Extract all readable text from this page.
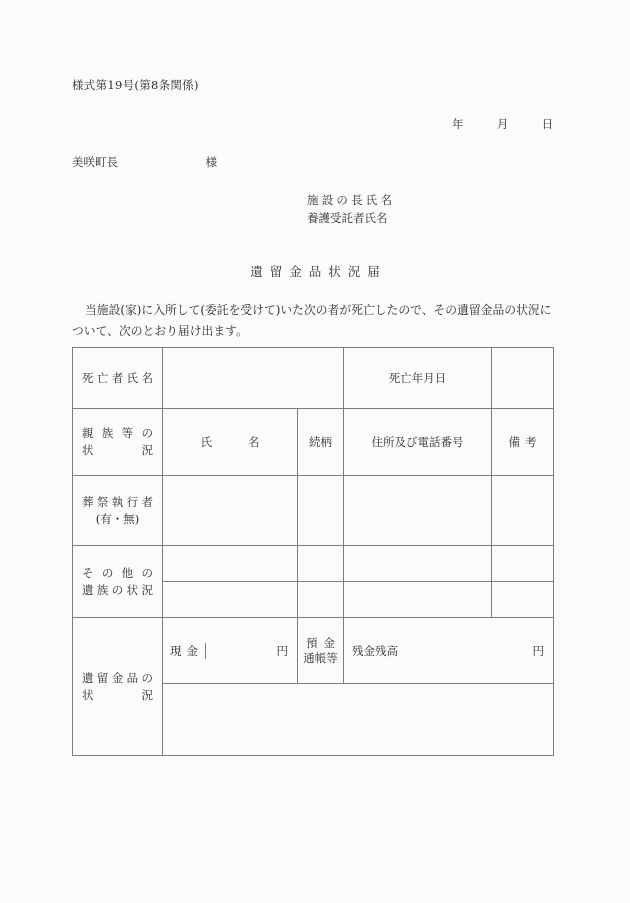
様式第19号(第8条関係)
年	月	日
美咲町長	様
施設の長氏名
養護受託者氏名
遺留金品状況届
当施設(家)に入所して(委託を受けて)いた次の者が死亡したので、その遺留金品の状況について、次のとおり届け出ます。
死亡者氏名			死亡年月日	

親族等の
状況	氏名	続柄	住所及び電話番号	備考

葬祭執行者
(有・無)				

その他の
遺族の状況				

遺留金品の
状況

現金	円

預金
通帳等	残金残高	円
